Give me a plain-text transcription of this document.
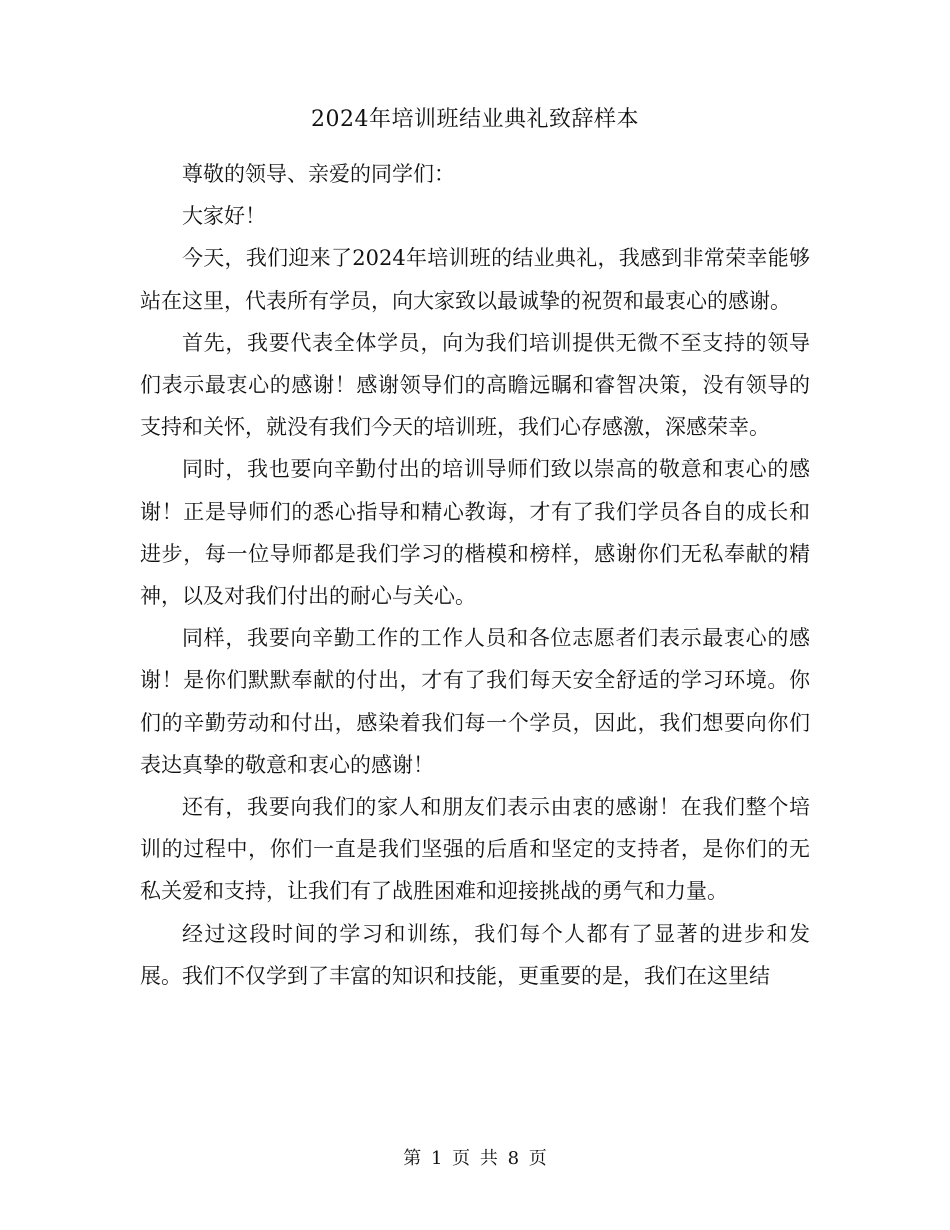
2024年培训班结业典礼致辞样本

尊敬的领导、亲爱的同学们：

大家好！

今天，我们迎来了2024年培训班的结业典礼，我感到非常荣幸能够站在这里，代表所有学员，向大家致以最诚挚的祝贺和最衷心的感谢。

首先，我要代表全体学员，向为我们培训提供无微不至支持的领导们表示最衷心的感谢！感谢领导们的高瞻远瞩和睿智决策，没有领导的支持和关怀，就没有我们今天的培训班，我们心存感激，深感荣幸。

同时，我也要向辛勤付出的培训导师们致以崇高的敬意和衷心的感谢！正是导师们的悉心指导和精心教诲，才有了我们学员各自的成长和进步，每一位导师都是我们学习的楷模和榜样，感谢你们无私奉献的精神，以及对我们付出的耐心与关心。

同样，我要向辛勤工作的工作人员和各位志愿者们表示最衷心的感谢！是你们默默奉献的付出，才有了我们每天安全舒适的学习环境。你们的辛勤劳动和付出，感染着我们每一个学员，因此，我们想要向你们表达真挚的敬意和衷心的感谢！

还有，我要向我们的家人和朋友们表示由衷的感谢！在我们整个培训的过程中，你们一直是我们坚强的后盾和坚定的支持者，是你们的无私关爱和支持，让我们有了战胜困难和迎接挑战的勇气和力量。

经过这段时间的学习和训练，我们每个人都有了显著的进步和发展。我们不仅学到了丰富的知识和技能，更重要的是，我们在这里结

第 1 页 共 8 页
